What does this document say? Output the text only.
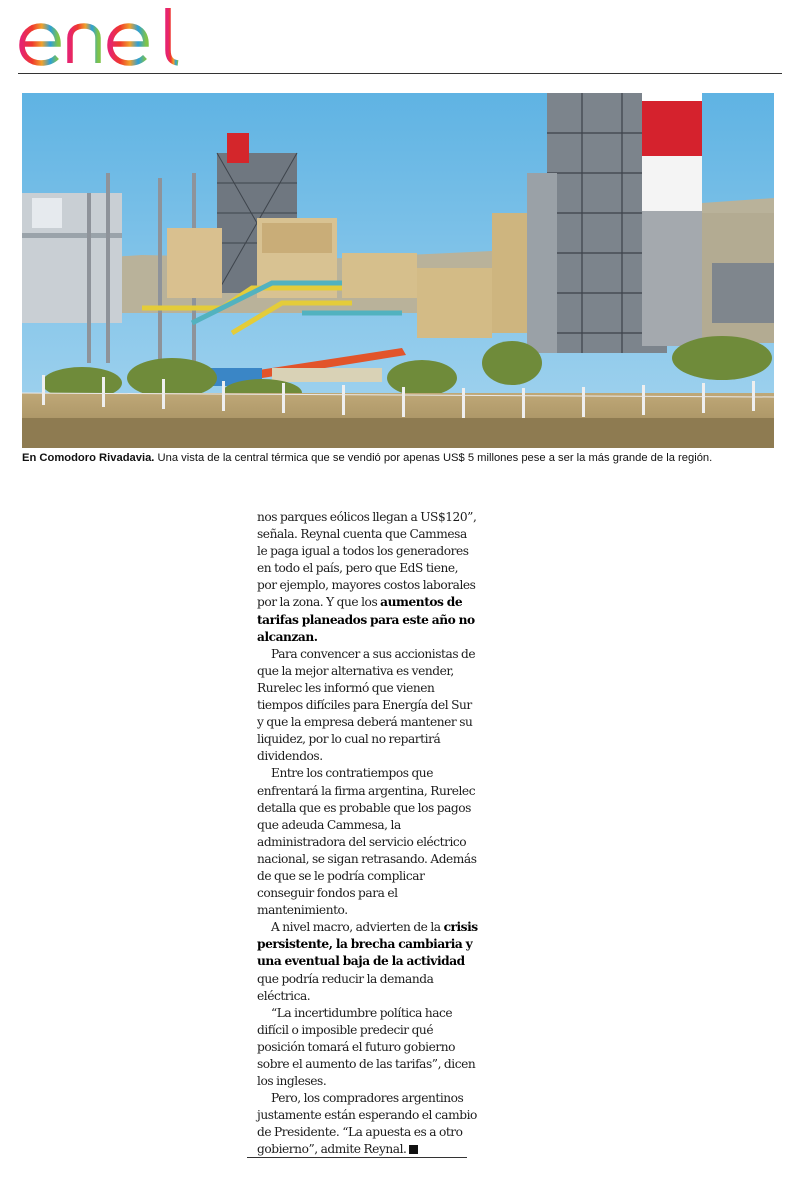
En Comodoro Rivadavia. Una vista de la central térmica que se vendió por apenas US$ 5 millones pese a ser la más grande de la región.

nos parques eólicos llegan a US$120”, señala. Reynal cuenta que Cammesa le paga igual a todos los generadores en todo el país, pero que EdS tiene, por ejemplo, mayores costos laborales por la zona. Y que los aumentos de tarifas planeados para este año no alcanzan.

Para convencer a sus accionistas de que la mejor alternativa es vender, Rurelec les informó que vienen tiempos difíciles para Energía del Sur y que la empresa deberá mantener su liquidez, por lo cual no repartirá dividendos.

Entre los contratiempos que enfrentará la firma argentina, Rurelec detalla que es probable que los pagos que adeuda Cammesa, la administradora del servicio eléctrico nacional, se sigan retrasando. Además de que se le podría complicar conseguir fondos para el mantenimiento.

A nivel macro, advierten de la crisis persistente, la brecha cambiaria y una eventual baja de la actividad que podría reducir la demanda eléctrica.

“La incertidumbre política hace difícil o imposible predecir qué posición tomará el futuro gobierno sobre el aumento de las tarifas”, dicen los ingleses.

Pero, los compradores argentinos justamente están esperando el cambio de Presidente. “La apuesta es a otro gobierno”, admite Reynal.
